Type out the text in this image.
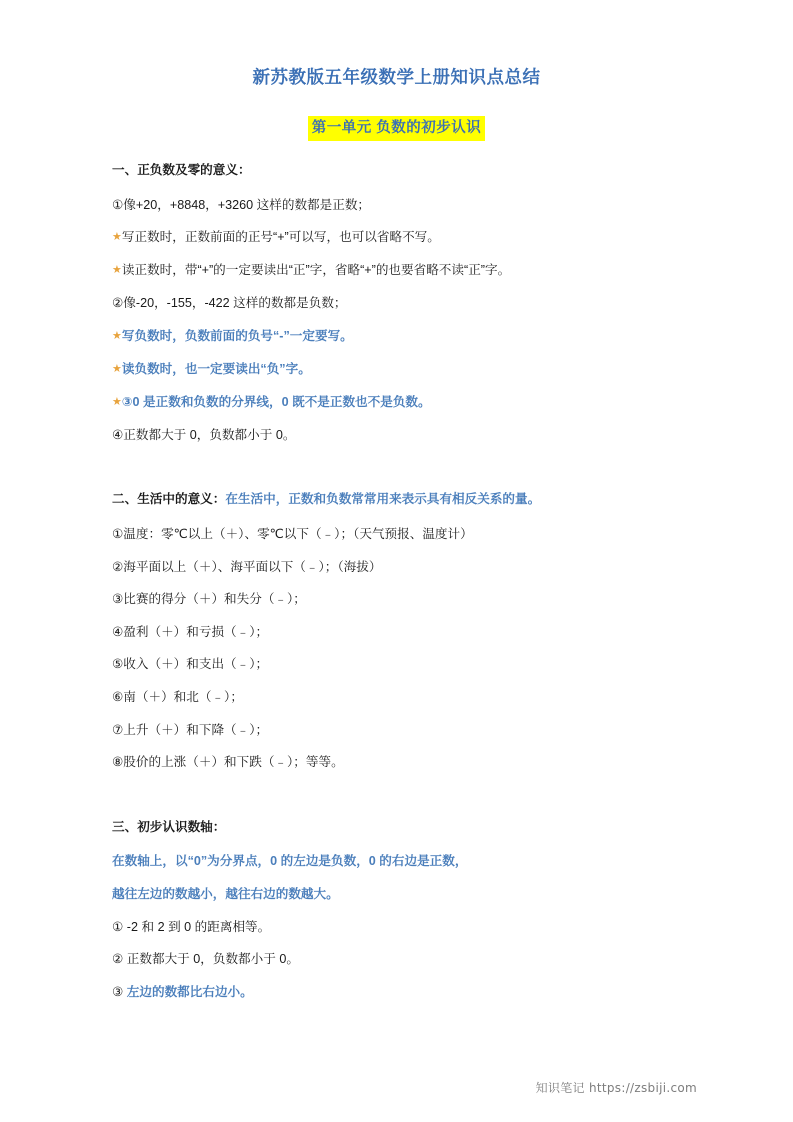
新苏教版五年级数学上册知识点总结
第一单元 负数的初步认识
一、正负数及零的意义：
①像+20，+8848，+3260 这样的数都是正数；
★写正数时，正数前面的正号“+”可以写，也可以省略不写。
★读正数时，带“+”的一定要读出“正”字，省略“+”的也要省略不读“正”字。
②像-20，-155，-422 这样的数都是负数；
★写负数时，负数前面的负号“-”一定要写。
★读负数时，也一定要读出“负”字。
★③0 是正数和负数的分界线，0 既不是正数也不是负数。
④正数都大于 0，负数都小于 0。
二、生活中的意义：在生活中，正数和负数常常用来表示具有相反关系的量。
①温度：零℃以上（＋）、零℃以下（﹣）；（天气预报、温度计）
②海平面以上（＋）、海平面以下（﹣）；（海拔）
③比赛的得分（＋）和失分（﹣）；
④盈利（＋）和亏损（﹣）；
⑤收入（＋）和支出（﹣）；
⑥南（＋）和北（﹣）；
⑦上升（＋）和下降（﹣）；
⑧股价的上涨（＋）和下跌（﹣）；等等。
三、初步认识数轴：
在数轴上，以“0”为分界点，0 的左边是负数，0 的右边是正数，
越往左边的数越小，越往右边的数越大。
① -2 和 2 到 0 的距离相等。
② 正数都大于 0，负数都小于 0。
③ 左边的数都比右边小。
知识笔记 https://zsbiji.com
